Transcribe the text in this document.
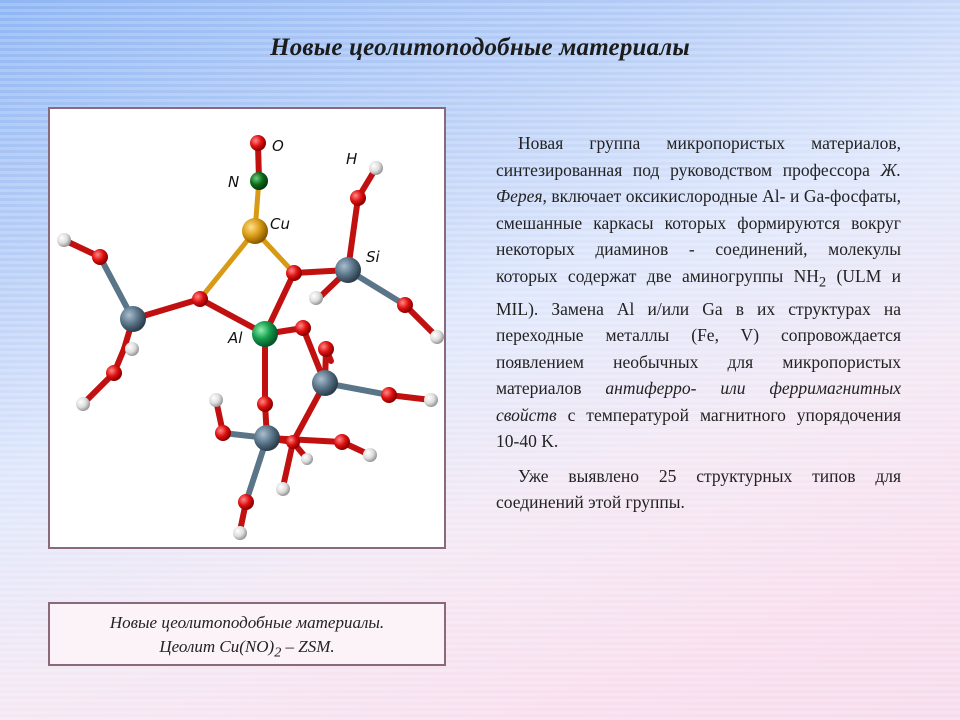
Новые цеолитоподобные материалы
O
H
N
Cu
Si
Al
Новые цеолитоподобные материалы.
Цеолит $Cu(NO)_2$ – ZSM.

Новая группа микропористых материалов, синтезированная под руководством профессора Ж. Ферея, включает оксикислородные Al- и Ga-фосфаты, смешанные каркасы которых формируются вокруг некоторых диаминов - соединений, молекулы которых содержат две аминогруппы $NH_2$ (ULM и MIL). Замена Al и/или Ga в их структурах на переходные металлы (Fe, V) сопровождается появлением необычных для микропористых материалов антиферро- или ферримагнитных свойств с температурой магнитного упорядочения 10-40 K.

Уже выявлено 25 структурных типов для соединений этой группы.
